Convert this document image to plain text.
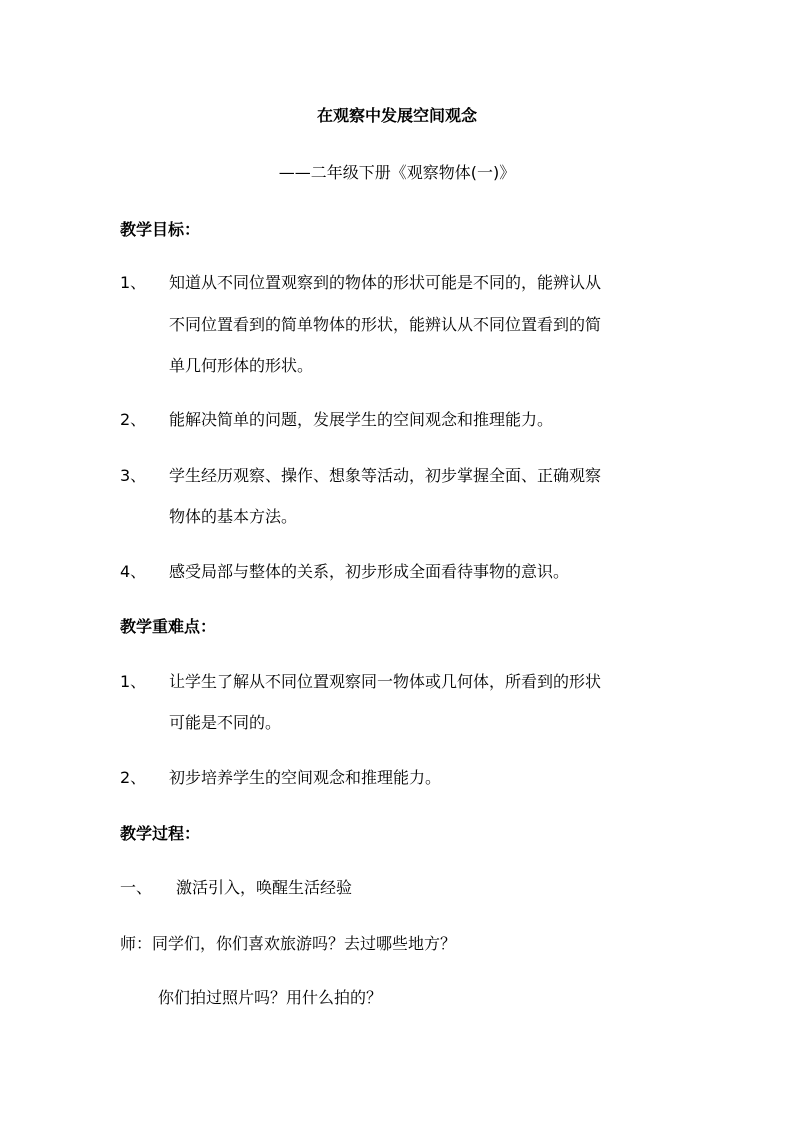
在观察中发展空间观念
——二年级下册《观察物体(一)》
教学目标：
1、 知道从不同位置观察到的物体的形状可能是不同的，能辨认从
不同位置看到的简单物体的形状，能辨认从不同位置看到的简
单几何形体的形状。
2、 能解决简单的问题，发展学生的空间观念和推理能力。
3、 学生经历观察、操作、想象等活动，初步掌握全面、正确观察
物体的基本方法。
4、 感受局部与整体的关系，初步形成全面看待事物的意识。
教学重难点：
1、 让学生了解从不同位置观察同一物体或几何体，所看到的形状
可能是不同的。
2、 初步培养学生的空间观念和推理能力。
教学过程：
一、 激活引入，唤醒生活经验
师：同学们，你们喜欢旅游吗？去过哪些地方？
你们拍过照片吗？用什么拍的？
